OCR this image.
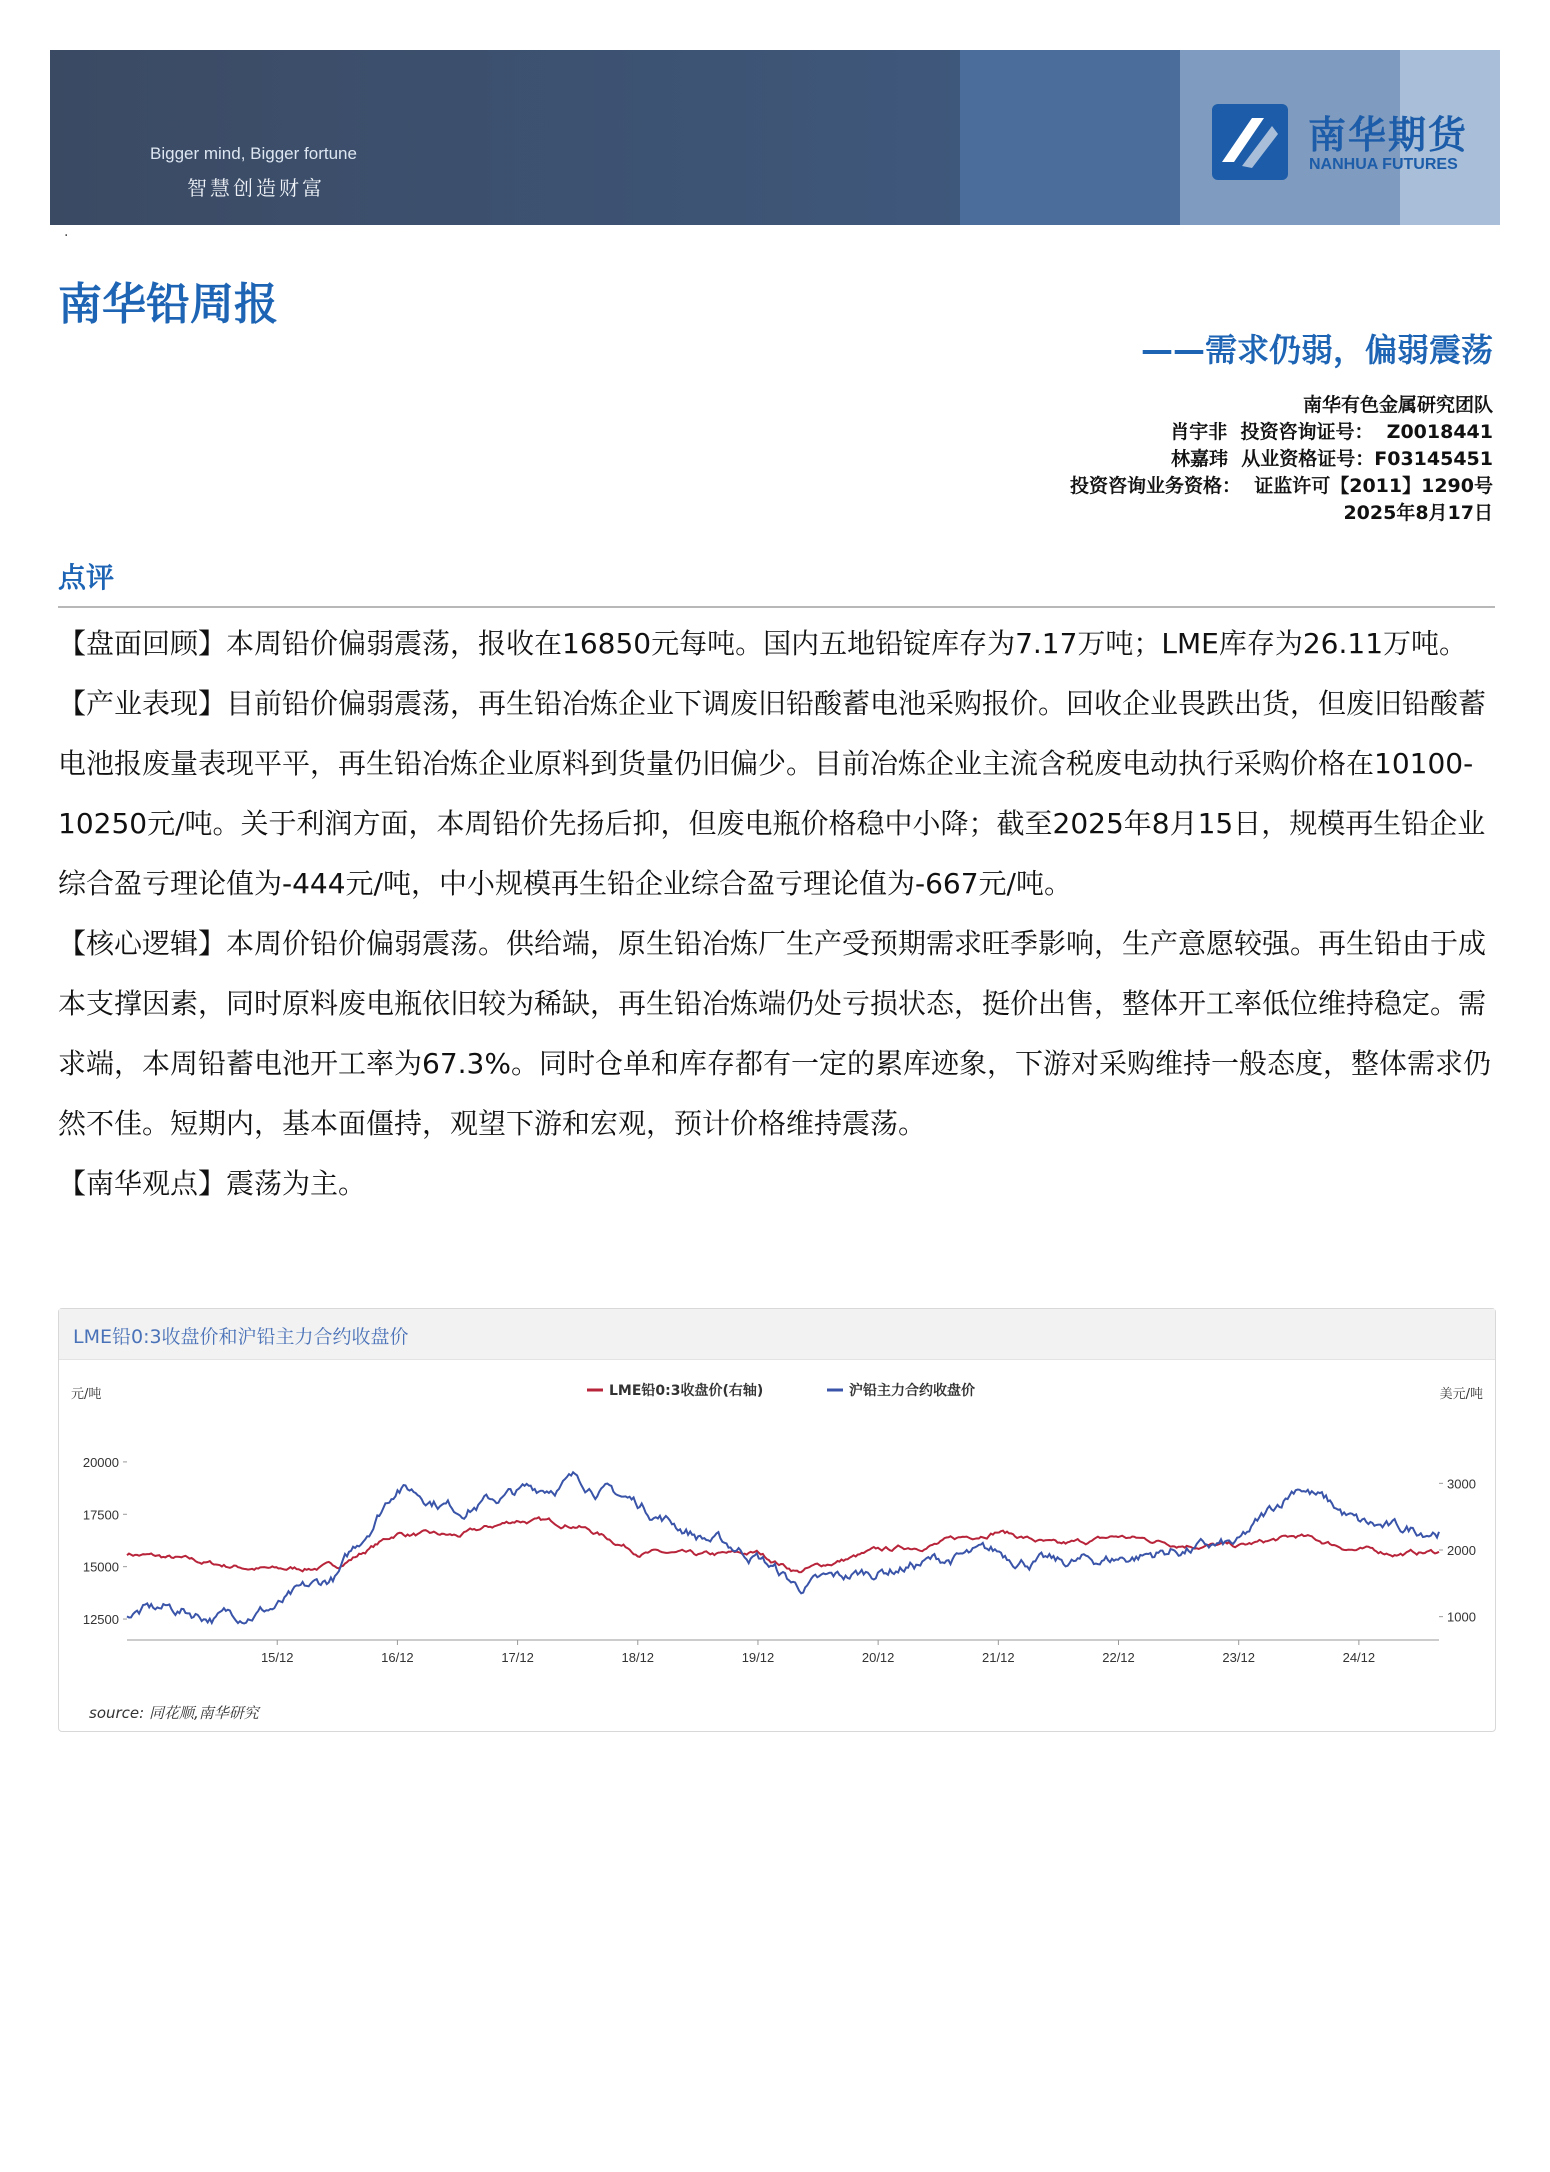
Bigger mind, Bigger fortune
智慧创造财富
南华期货
NANHUA FUTURES
·
南华铅周报
——需求仍弱，偏弱震荡
南华有色金属研究团队
肖宇非  投资咨询证号：  Z0018441
林嘉玮  从业资格证号：F03145451
投资咨询业务资格：  证监许可【2011】1290号
2025年8月17日
点评

【盘面回顾】本周铅价偏弱震荡，报收在16850元每吨。国内五地铅锭库存为7.17万吨；LME库存为26.11万吨。

【产业表现】目前铅价偏弱震荡，再生铅冶炼企业下调废旧铅酸蓄电池采购报价。回收企业畏跌出货，但废旧铅酸蓄电池报废量表现平平，再生铅冶炼企业原料到货量仍旧偏少。目前冶炼企业主流含税废电动执行采购价格在10100-10250元/吨。关于利润方面，本周铅价先扬后抑，但废电瓶价格稳中小降；截至2025年8月15日，规模再生铅企业综合盈亏理论值为-444元/吨，中小规模再生铅企业综合盈亏理论值为-667元/吨。

【核心逻辑】本周价铅价偏弱震荡。供给端，原生铅冶炼厂生产受预期需求旺季影响，生产意愿较强。再生铅由于成本支撑因素，同时原料废电瓶依旧较为稀缺，再生铅冶炼端仍处亏损状态，挺价出售，整体开工率低位维持稳定。需求端，本周铅蓄电池开工率为67.3%。同时仓单和库存都有一定的累库迹象，下游对采购维持一般态度，整体需求仍然不佳。短期内，基本面僵持，观望下游和宏观，预计价格维持震荡。

【南华观点】震荡为主。

LME铅0:3收盘价和沪铅主力合约收盘价
20000
17500
15000
12500
3000
2000
1000
元/吨	美元/吨
15/12	16/12	17/12	18/12	19/12	20/12	21/12	22/12	23/12	24/12
LME铅0:3收盘价(右轴)	沪铅主力合约收盘价
source: 同花顺,南华研究
